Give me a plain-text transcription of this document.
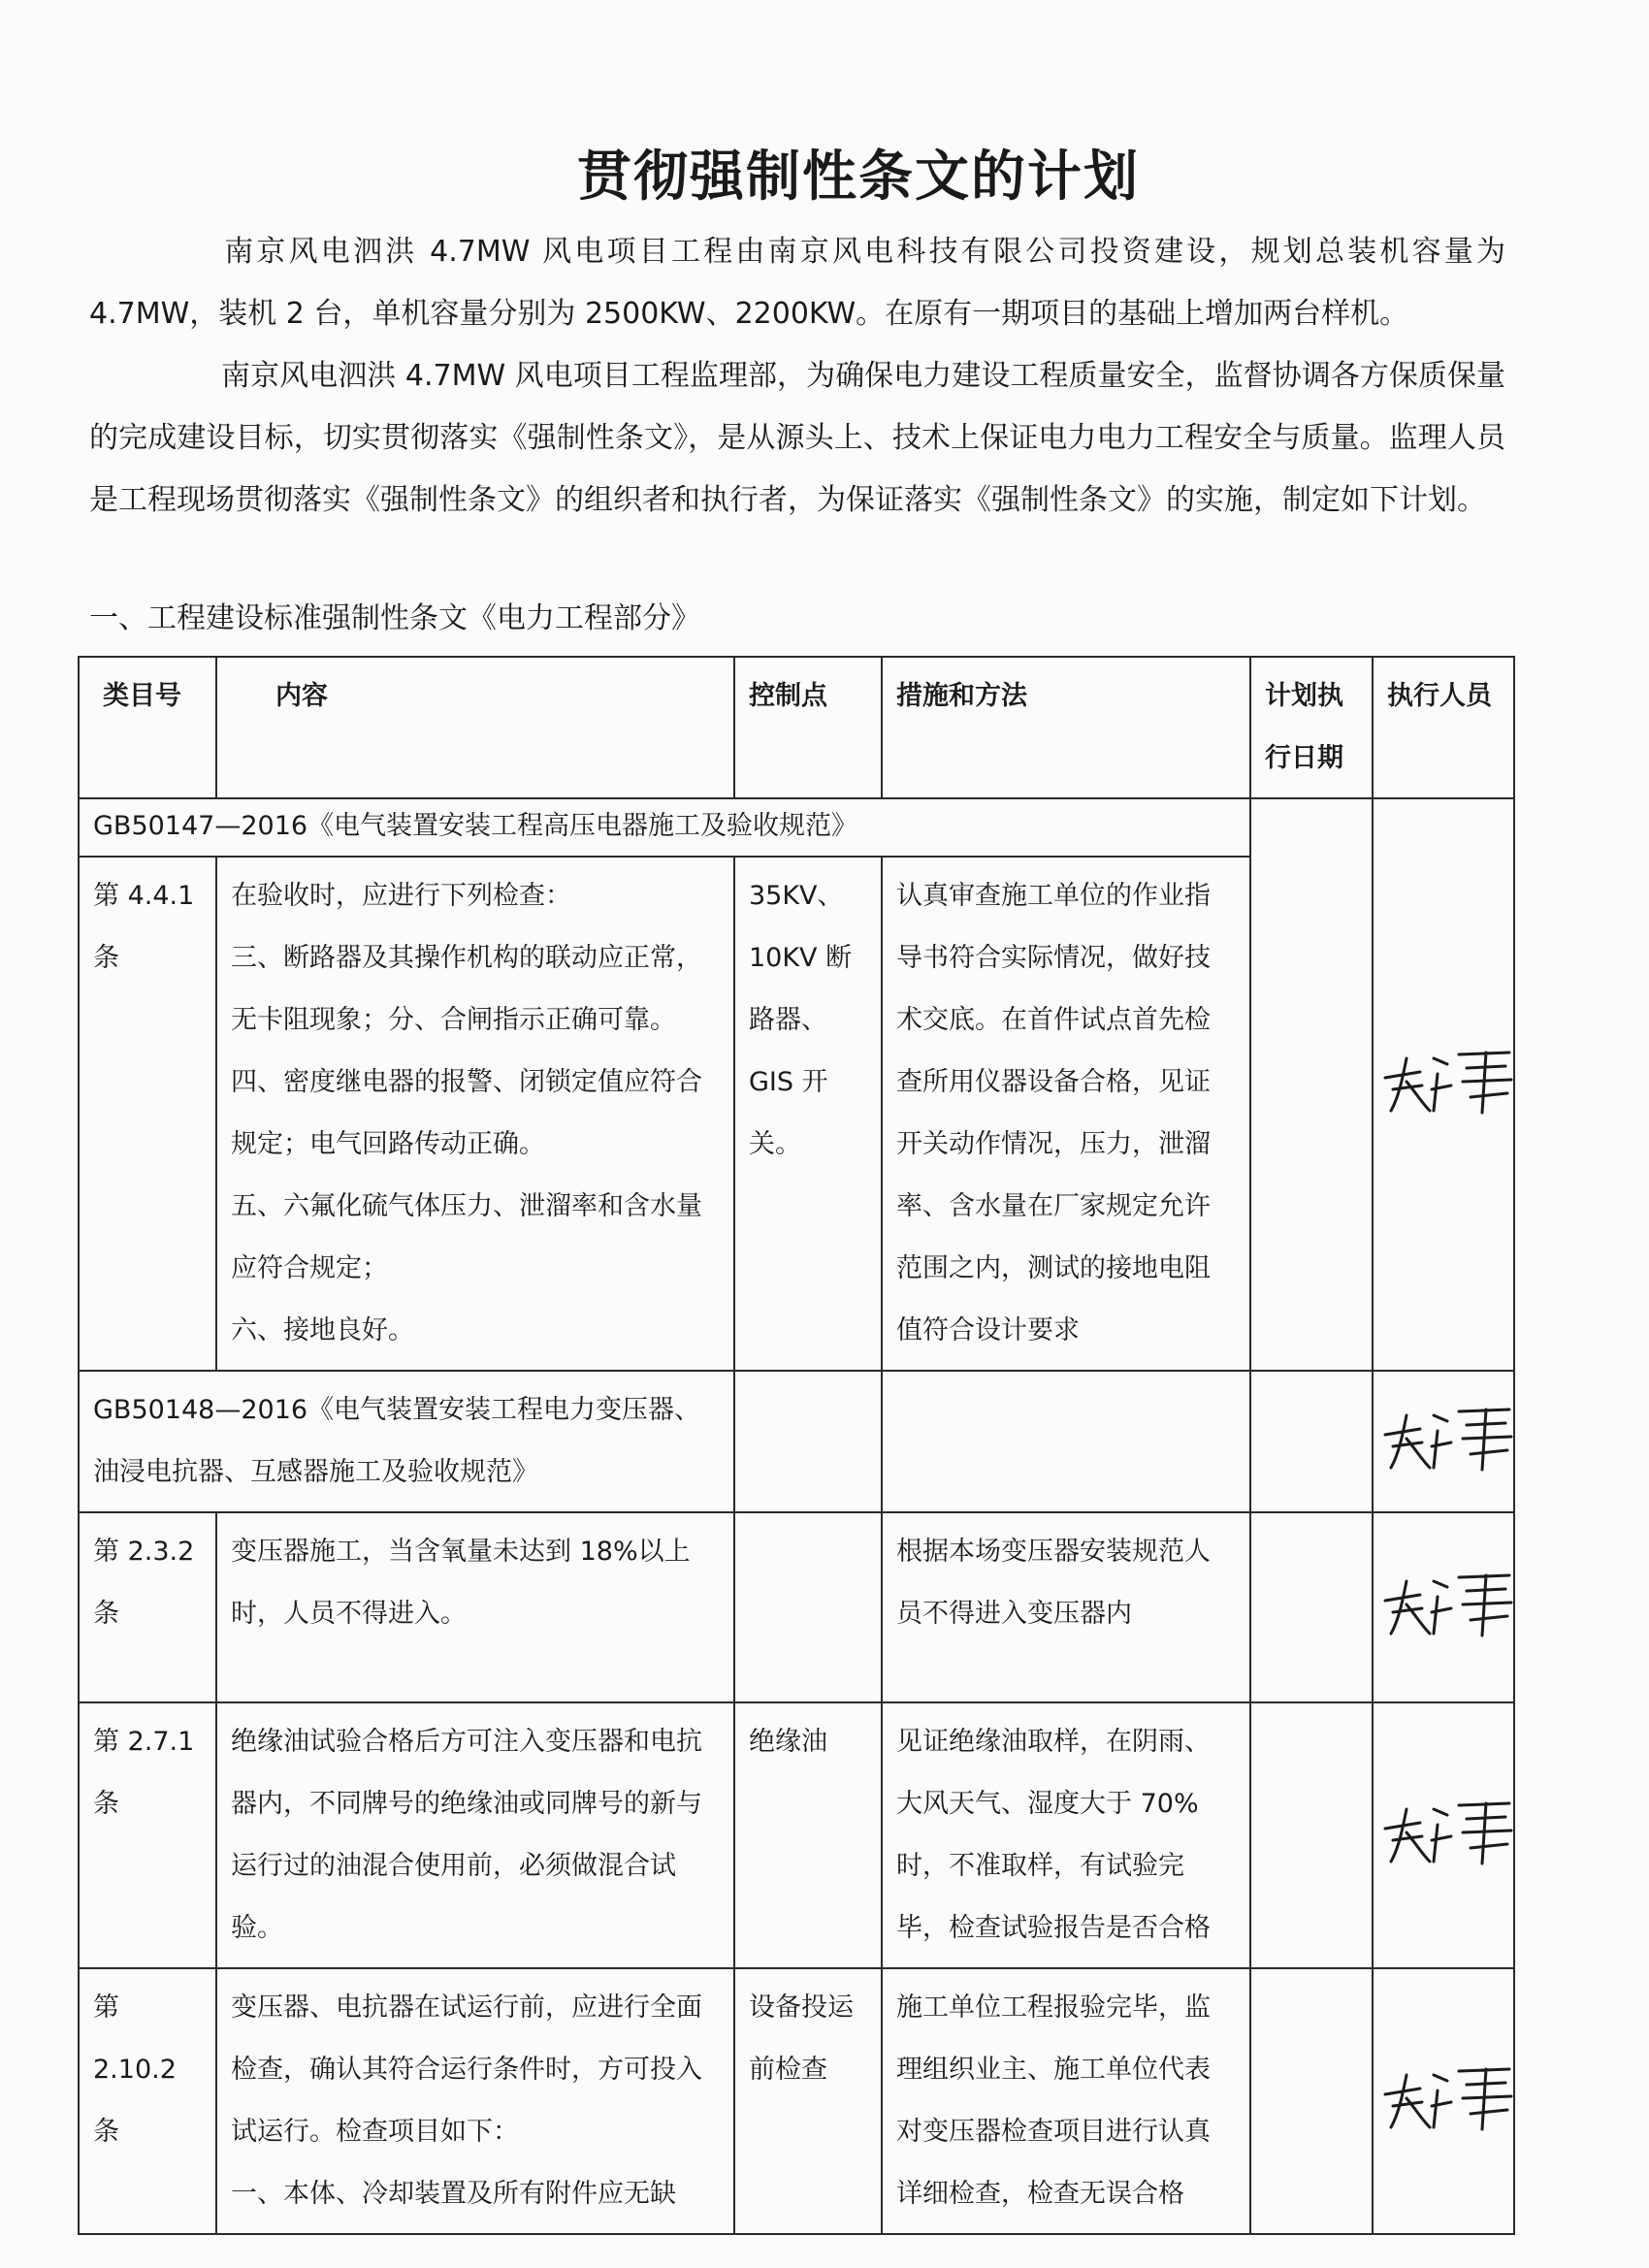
贯彻强制性条文的计划

南京风电泗洪 4.7MW 风电项目工程由南京风电科技有限公司投资建设，规划总装机容量为 4.7MW，装机 2 台，单机容量分别为 2500KW、2200KW。在原有一期项目的基础上增加两台样机。

南京风电泗洪 4.7MW 风电项目工程监理部，为确保电力建设工程质量安全，监督协调各方保质保量的完成建设目标，切实贯彻落实《强制性条文》，是从源头上、技术上保证电力电力工程安全与质量。监理人员是工程现场贯彻落实《强制性条文》的组织者和执行者，为保证落实《强制性条文》的实施，制定如下计划。

一、工程建设标准强制性条文《电力工程部分》

类目号	内容	控制点	措施和方法	计划执行日期	执行人员
GB50147—2016《电气装置安装工程高压电器施工及验收规范》		
第 4.4.1 条	在验收时，应进行下列检查：
三、断路器及其操作机构的联动应正常，无卡阻现象；分、合闸指示正确可靠。
四、密度继电器的报警、闭锁定值应符合规定；电气回路传动正确。
五、六氟化硫气体压力、泄溜率和含水量应符合规定；
六、接地良好。	35KV、10KV 断路器、GIS 开关。	认真审查施工单位的作业指导书符合实际情况，做好技术交底。在首件试点首先检查所用仪器设备合格，见证开关动作情况，压力，泄溜率、含水量在厂家规定允许范围之内，测试的接地电阻值符合设计要求		
GB50148—2016《电气装置安装工程电力变压器、油浸电抗器、互感器施工及验收规范》				
第 2.3.2 条	变压器施工，当含氧量未达到 18%以上时，人员不得进入。		根据本场变压器安装规范人员不得进入变压器内		
第 2.7.1 条	绝缘油试验合格后方可注入变压器和电抗器内，不同牌号的绝缘油或同牌号的新与运行过的油混合使用前，必须做混合试验。	绝缘油	见证绝缘油取样，在阴雨、大风天气、湿度大于 70%时，不准取样，有试验完毕，检查试验报告是否合格		
第 2.10.2 条	变压器、电抗器在试运行前，应进行全面检查，确认其符合运行条件时，方可投入试运行。检查项目如下：
一、本体、冷却装置及所有附件应无缺	设备投运前检查	施工单位工程报验完毕，监理组织业主、施工单位代表对变压器检查项目进行认真详细检查，检查无误合格		
